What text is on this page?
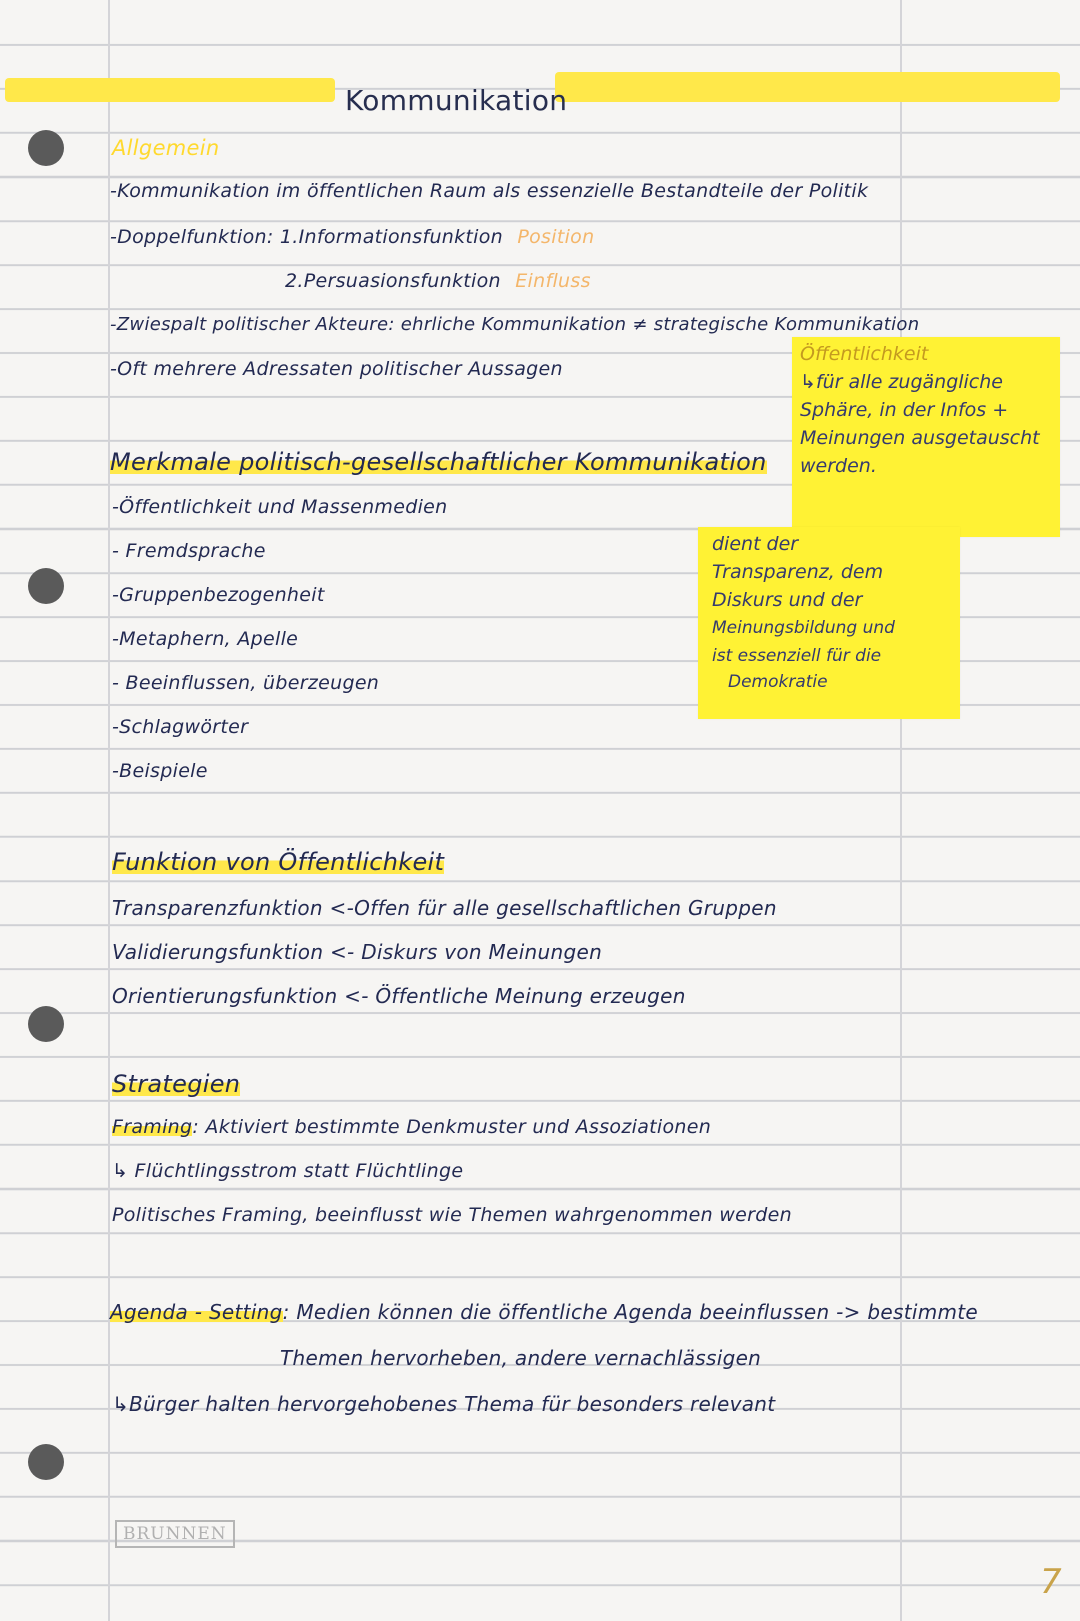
Kommunikation
Allgemein
-Kommunikation im öffentlichen Raum als essenzielle Bestandteile der Politik
-Doppelfunktion: 1.Informationsfunktion Position
2.Persuasionsfunktion Einfluss
-Zwiespalt politischer Akteure: ehrliche Kommunikation ≠ strategische Kommunikation
-Oft mehrere Adressaten politischer Aussagen
Öffentlichkeit
↳für alle zugängliche
Sphäre, in der Infos +
Meinungen ausgetauscht
werden.
Merkmale politisch-gesellschaftlicher Kommunikation
-Öffentlichkeit und Massenmedien
- Fremdsprache
-Gruppenbezogenheit
-Metaphern, Apelle
- Beeinflussen, überzeugen
-Schlagwörter
-Beispiele
dient der
Transparenz, dem
Diskurs und der
Meinungsbildung und
ist essenziell für die
Demokratie
Funktion von Öffentlichkeit
Transparenzfunktion <-Offen für alle gesellschaftlichen Gruppen
Validierungsfunktion <- Diskurs von Meinungen
Orientierungsfunktion <- Öffentliche Meinung erzeugen
Strategien
Framing: Aktiviert bestimmte Denkmuster und Assoziationen
↳ Flüchtlingsstrom statt Flüchtlinge
Politisches Framing, beeinflusst wie Themen wahrgenommen werden
Agenda - Setting: Medien können die öffentliche Agenda beeinflussen -> bestimmte
Themen hervorheben, andere vernachlässigen
↳Bürger halten hervorgehobenes Thema für besonders relevant
BRUNNEN
7
